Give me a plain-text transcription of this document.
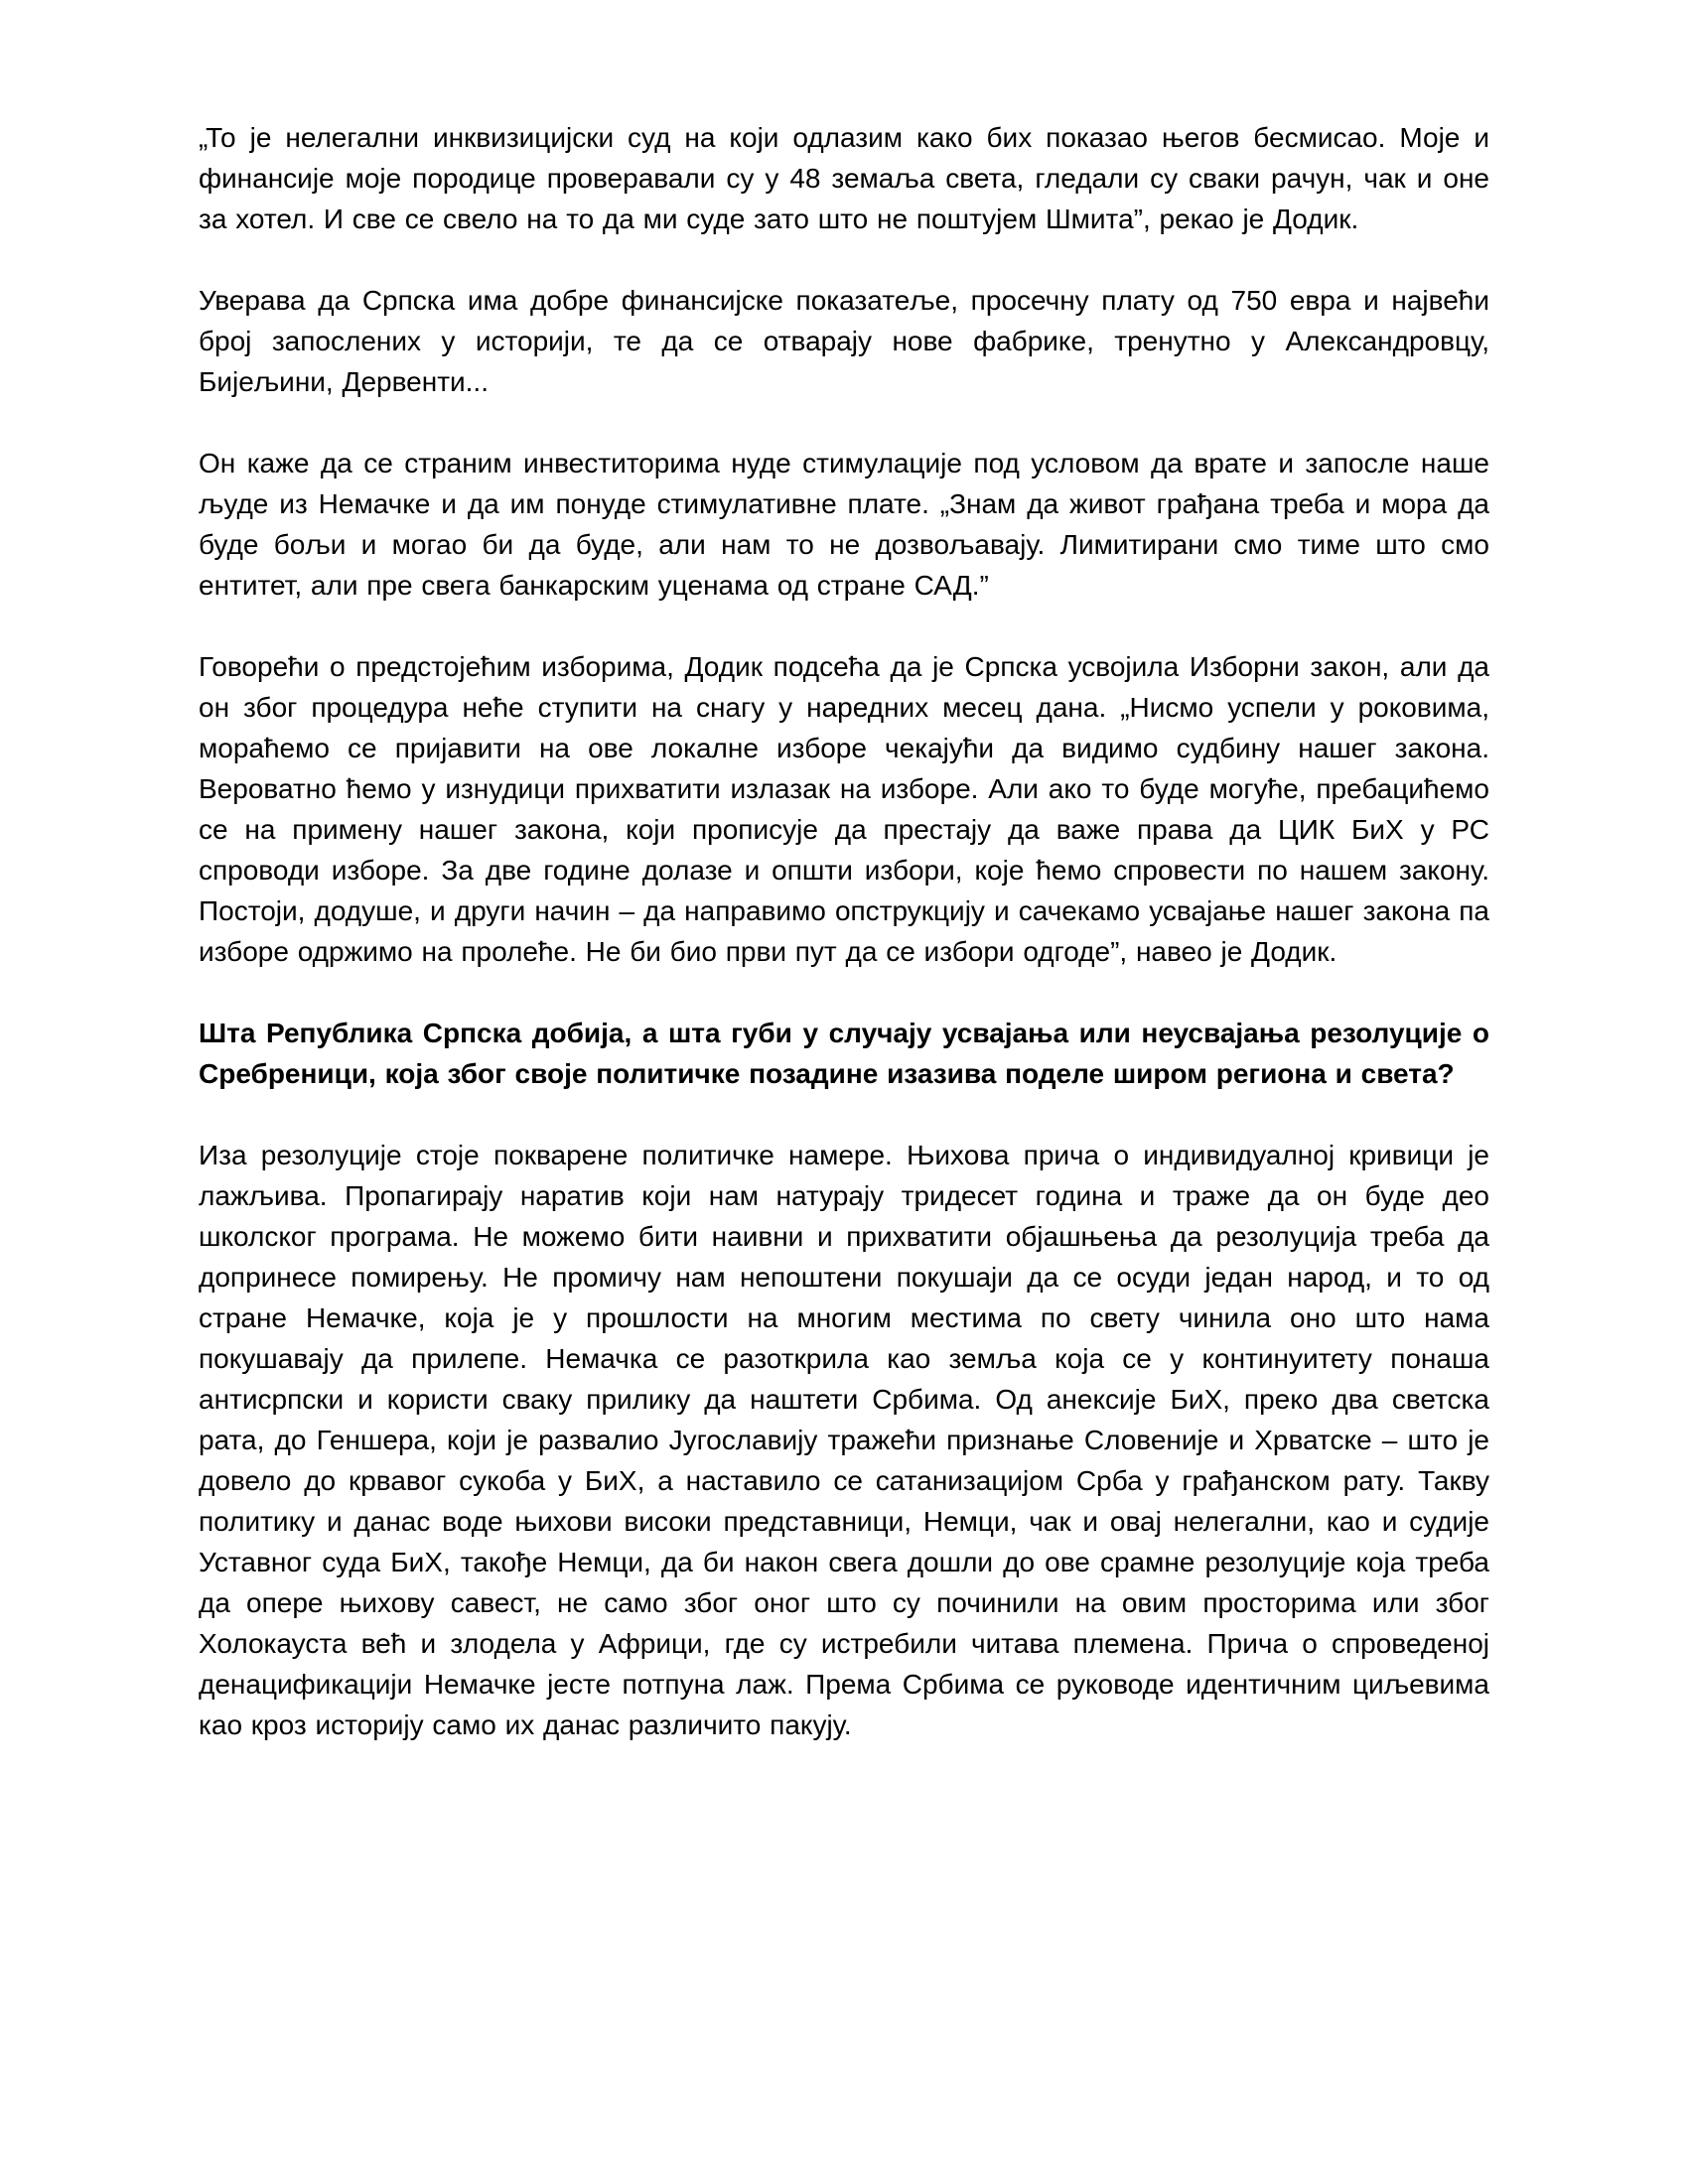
„То је нелегални инквизицијски суд на који одлазим како бих показао његов бесмисао. Моје и финансије моје породице проверавали су у 48 земаља света, гледали су сваки рачун, чак и оне за хотел. И све се свело на то да ми суде зато што не поштујем Шмита”, рекао је Додик.

Уверава да Српска има добре финансијске показатеље, просечну плату од 750 евра и највећи број запослених у историји, те да се отварају нове фабрике, тренутно у Александровцу, Бијељини, Дервенти...

Он каже да се страним инвеститорима нуде стимулације под условом да врате и запосле наше људе из Немачке и да им понуде стимулативне плате. „Знам да живот грађана треба и мора да буде бољи и могао би да буде, али нам то не дозвољавају. Лимитирани смо тиме што смо ентитет, али пре свега банкарским уценама од стране САД.”

Говорећи о предстојећим изборима, Додик подсећа да је Српска усвојила Изборни закон, али да он због процедура неће ступити на снагу у наредних месец дана. „Нисмо успели у роковима, мораћемо се пријавити на ове локалне изборе чекајући да видимо судбину нашег закона. Вероватно ћемо у изнудици прихватити излазак на изборе. Али ако то буде могуће, пребацићемо се на примену нашег закона, који прописује да престају да важе права да ЦИК БиХ у РС спроводи изборе. За две године долазе и општи избори, које ћемо спровести по нашем закону. Постоји, додуше, и други начин – да направимо опструкцију и сачекамо усвајање нашег закона па изборе одржимо на пролеће. Не би био први пут да се избори одгоде”, навео је Додик.

Шта Република Српска добија, а шта губи у случају усвајања или неусвајања резолуције о Сребреници, која због своје политичке позадине изазива поделе широм региона и света?

Иза резолуције стоје покварене политичке намере. Њихова прича о индивидуалној кривици је лажљива. Пропагирају наратив који нам натурају тридесет година и траже да он буде део школског програма. Не можемо бити наивни и прихватити објашњења да резолуција треба да допринесе помирењу. Не промичу нам непоштени покушаји да се осуди један народ, и то од стране Немачке, која је у прошлости на многим местима по свету чинила оно што нама покушавају да прилепе. Немачка се разоткрила као земља која се у континуитету понаша антисрпски и користи сваку прилику да наштети Србима. Од анексије БиХ, преко два светска рата, до Геншера, који је развалио Југославију тражећи признање Словеније и Хрватске – што је довело до крвавог сукоба у БиХ, а наставило се сатанизацијом Срба у грађанском рату. Такву политику и данас воде њихови високи представници, Немци, чак и овај нелегални, као и судије Уставног суда БиХ, такође Немци, да би након свега дошли до ове срамне резолуције која треба да опере њихову савест, не само због оног што су починили на овим просторима или због Холокауста већ и злодела у Африци, где су истребили читава племена. Прича о спроведеној денацификацији Немачке јесте потпуна лаж. Према Србима се руководе идентичним циљевима као кроз историју само их данас различито пакују.
